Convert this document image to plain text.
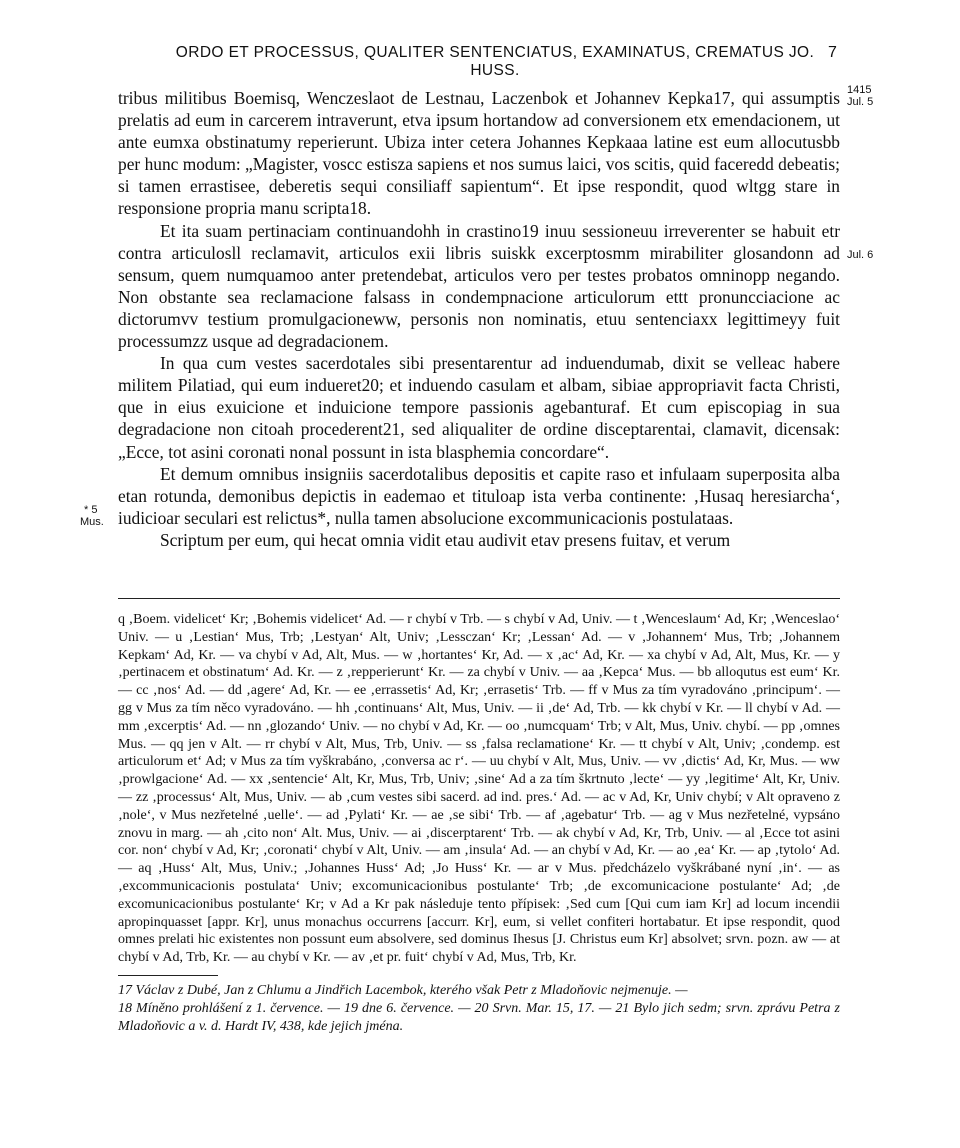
ORDO ET PROCESSUS, QUALITER SENTENCIATUS, EXAMINATUS, CREMATUS JO. HUSS.
7
1415
Jul. 5
Jul. 6
* 5
Mus.

tribus militibus Boemisq, Wenczeslaot de Lestnau, Laczenbok et Johannev Kepka17, qui assumptis prelatis ad eum in carcerem intraverunt, etva ipsum hortandow ad conversionem etx emendacionem, ut ante eumxa obstinatumy reperierunt. Ubiza inter cetera Johannes Kepkaaa latine est eum allocutusbb per hunc modum: „Magister, voscc estisza sapiens et nos sumus laici, vos scitis, quid faceredd debeatis; si tamen errastisee, deberetis sequi consiliaff sapientum“. Et ipse respondit, quod wltgg stare in responsione propria manu scripta18.

Et ita suam pertinaciam continuandohh in crastino19 inuu sessioneuu irreverenter se habuit etr contra articulosll reclamavit, articulos exii libris suiskk excerptosmm mirabiliter glosandonn ad sensum, quem numquamoo anter pretendebat, articulos vero per testes probatos omninopp negando. Non obstante sea reclamacione falsass in condempnacione articulorum ettt pronuncciacione ac dictorumvv testium promulgacioneww, personis non nominatis, etuu sentenciaxx legittimeyy fuit processumzz usque ad degradacionem.

In qua cum vestes sacerdotales sibi presentarentur ad induendumab, dixit se velleac habere militem Pilatiad, qui eum indueret20; et induendo casulam et albam, sibiae appropriavit facta Christi, que in eius exuicione et induicione tempore passionis agebanturaf. Et cum episcopiag in sua degradacione non citoah procederent21, sed aliqualiter de ordine disceptarentai, clamavit, dicensak: „Ecce, tot asini coronati nonal possunt in ista blasphemia concordare“.

Et demum omnibus insigniis sacerdotalibus depositis et capite raso et infulaam superposita alba etan rotunda, demonibus depictis in eademao et tituloap ista verba continente: ‚Husaq heresiarcha‘, iudicioar seculari est relictus*, nulla tamen absolucione excommunicacionis postulataas.

Scriptum per eum, qui hecat omnia vidit etau audivit etav presens fuitav, et verum

q ‚Boem. videlicet‘ Kr; ‚Bohemis videlicet‘ Ad. — r chybí v Trb. — s chybí v Ad, Univ. — t ‚Wenceslaum‘ Ad, Kr; ‚Wenceslao‘ Univ. — u ‚Lestian‘ Mus, Trb; ‚Lestyan‘ Alt, Univ; ‚Lessczan‘ Kr; ‚Lessan‘ Ad. — v ‚Johannem‘ Mus, Trb; ‚Johannem Kepkam‘ Ad, Kr. — va chybí v Ad, Alt, Mus. — w ‚hortantes‘ Kr, Ad. — x ‚ac‘ Ad, Kr. — xa chybí v Ad, Alt, Mus, Kr. — y ‚pertinacem et obstinatum‘ Ad. Kr. — z ‚repperierunt‘ Kr. — za chybí v Univ. — aa ‚Kepca‘ Mus. — bb alloqutus est eum‘ Kr. — cc ‚nos‘ Ad. — dd ‚agere‘ Ad, Kr. — ee ‚errassetis‘ Ad, Kr; ‚errasetis‘ Trb. — ff v Mus za tím vyradováno ‚principum‘. — gg v Mus za tím něco vyradováno. — hh ‚continuans‘ Alt, Mus, Univ. — ii ‚de‘ Ad, Trb. — kk chybí v Kr. — ll chybí v Ad. — mm ‚excerptis‘ Ad. — nn ‚glozando‘ Univ. — no chybí v Ad, Kr. — oo ‚numcquam‘ Trb; v Alt, Mus, Univ. chybí. — pp ‚omnes Mus. — qq jen v Alt. — rr chybí v Alt, Mus, Trb, Univ. — ss ‚falsa reclamatione‘ Kr. — tt chybí v Alt, Univ; ‚condemp. est articulorum et‘ Ad; v Mus za tím vyškrabáno, ‚conversa ac r‘. — uu chybí v Alt, Mus, Univ. — vv ‚dictis‘ Ad, Kr, Mus. — ww ‚prowlgacione‘ Ad. — xx ‚sentencie‘ Alt, Kr, Mus, Trb, Univ; ‚sine‘ Ad a za tím škrtnuto ‚lecte‘ — yy ‚legitime‘ Alt, Kr, Univ. — zz ‚processus‘ Alt, Mus, Univ. — ab ‚cum vestes sibi sacerd. ad ind. pres.‘ Ad. — ac v Ad, Kr, Univ chybí; v Alt opraveno z ‚nole‘, v Mus nezřetelné ‚uelle‘. — ad ‚Pylati‘ Kr. — ae ‚se sibi‘ Trb. — af ‚agebatur‘ Trb. — ag v Mus nezřetelné, vypsáno znovu in marg. — ah ‚cito non‘ Alt. Mus, Univ. — ai ‚discerptarent‘ Trb. — ak chybí v Ad, Kr, Trb, Univ. — al ‚Ecce tot asini cor. non‘ chybí v Ad, Kr; ‚coronati‘ chybí v Alt, Univ. — am ‚insula‘ Ad. — an chybí v Ad, Kr. — ao ‚ea‘ Kr. — ap ‚tytolo‘ Ad. — aq ‚Huss‘ Alt, Mus, Univ.; ‚Johannes Huss‘ Ad; ‚Jo Huss‘ Kr. — ar v Mus. předcházelo vyškrábané nyní ‚in‘. — as ‚excommunicacionis postulata‘ Univ; excomunicacionibus postulante‘ Trb; ‚de excomunicacione postulante‘ Ad; ‚de excomunicacionibus postulante‘ Kr; v Ad a Kr pak následuje tento přípisek: ‚Sed cum [Qui cum iam Kr] ad locum incendii apropinquasset [appr. Kr], unus monachus occurrens [accurr. Kr], eum, si vellet confiteri hortabatur. Et ipse respondit, quod omnes prelati hic existentes non possunt eum absolvere, sed dominus Ihesus [J. Christus eum Kr] absolvet; srvn. pozn. aw — at chybí v Ad, Trb, Kr. — au chybí v Kr. — av ‚et pr. fuit‘ chybí v Ad, Mus, Trb, Kr.

17 Václav z Dubé, Jan z Chlumu a Jindřich Lacembok, kterého však Petr z Mladoňovic nejmenuje. —

18 Míněno prohlášení z 1. července. — 19 dne 6. července. — 20 Srvn. Mar. 15, 17. — 21 Bylo jich sedm; srvn. zprávu Petra z Mladoňovic a v. d. Hardt IV, 438, kde jejich jména.
